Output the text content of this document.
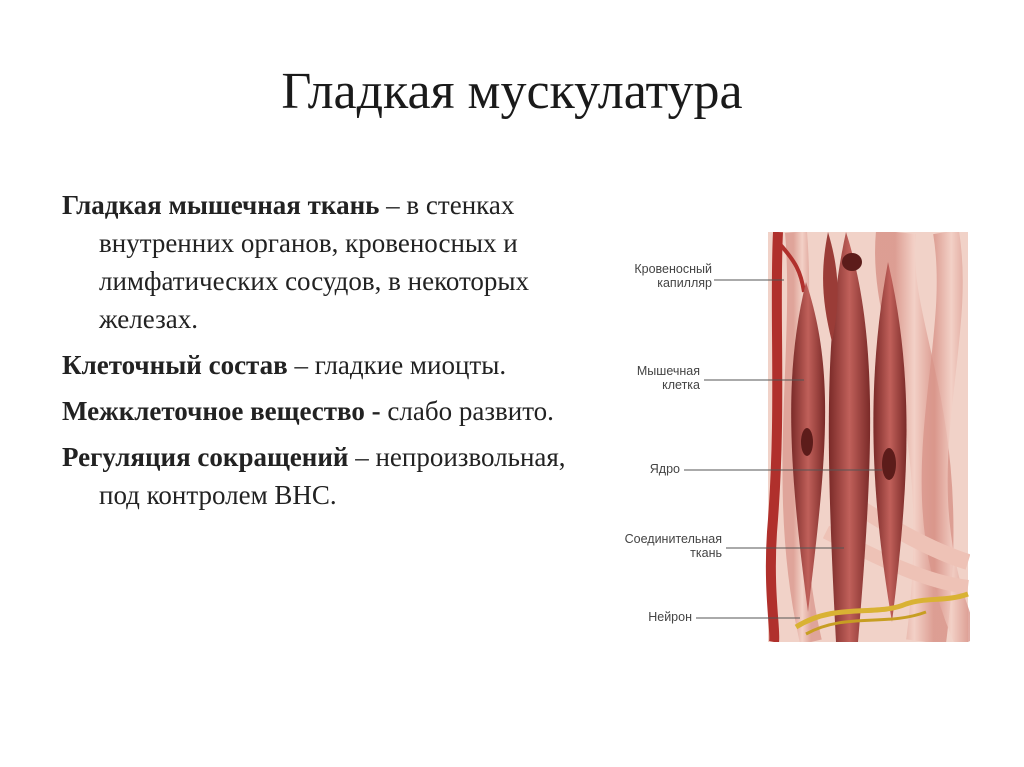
Гладкая мускулатура

Гладкая мышечная ткань – в стенках внутренних органов, кровеносных и лимфатических сосудов, в некоторых железах.

Клеточный состав – гладкие миоцты.

Межклеточное вещество - слабо развито.

Регуляция сокращений – непроизвольная, под контролем ВНС.

Кровеносный
капилляр
Мышечная
клетка
Ядро
Соединительная
ткань
Нейрон
